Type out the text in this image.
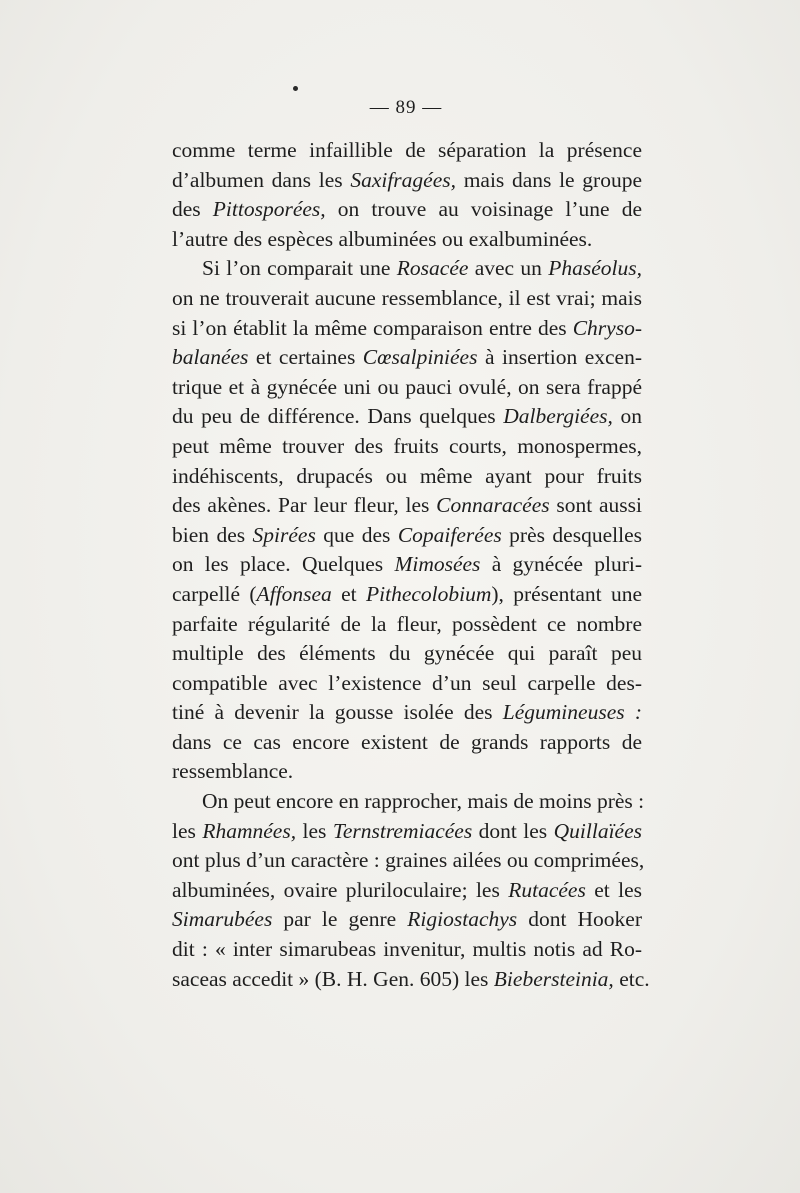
— 89 —

comme terme infaillible de séparation la présence
d’albumen dans les Saxifragées, mais dans le groupe
des Pittosporées, on trouve au voisinage l’une de
l’autre des espèces albuminées ou exalbuminées.

Si l’on comparait une Rosacée avec un Phaséolus,
on ne trouverait aucune ressemblance, il est vrai; mais
si l’on établit la même comparaison entre des Chryso-
balanées et certaines Cœsalpiniées à insertion excen-
trique et à gynécée uni ou pauci ovulé, on sera frappé
du peu de différence. Dans quelques Dalbergiées, on
peut même trouver des fruits courts, monospermes,
indéhiscents, drupacés ou même ayant pour fruits
des akènes. Par leur fleur, les Connaracées sont aussi
bien des Spirées que des Copaiferées près desquelles
on les place. Quelques Mimosées à gynécée pluri-
carpellé (Affonsea et Pithecolobium), présentant une
parfaite régularité de la fleur, possèdent ce nombre
multiple des éléments du gynécée qui paraît peu
compatible avec l’existence d’un seul carpelle des-
tiné à devenir la gousse isolée des Légumineuses :
dans ce cas encore existent de grands rapports de
ressemblance.

On peut encore en rapprocher, mais de moins près :
les Rhamnées, les Ternstremiacées dont les Quillaïées
ont plus d’un caractère : graines ailées ou comprimées,
albuminées, ovaire pluriloculaire; les Rutacées et les
Simarubées par le genre Rigiostachys dont Hooker
dit : « inter simarubeas invenitur, multis notis ad Ro-
saceas accedit » (B. H. Gen. 605) les Biebersteinia, etc.
